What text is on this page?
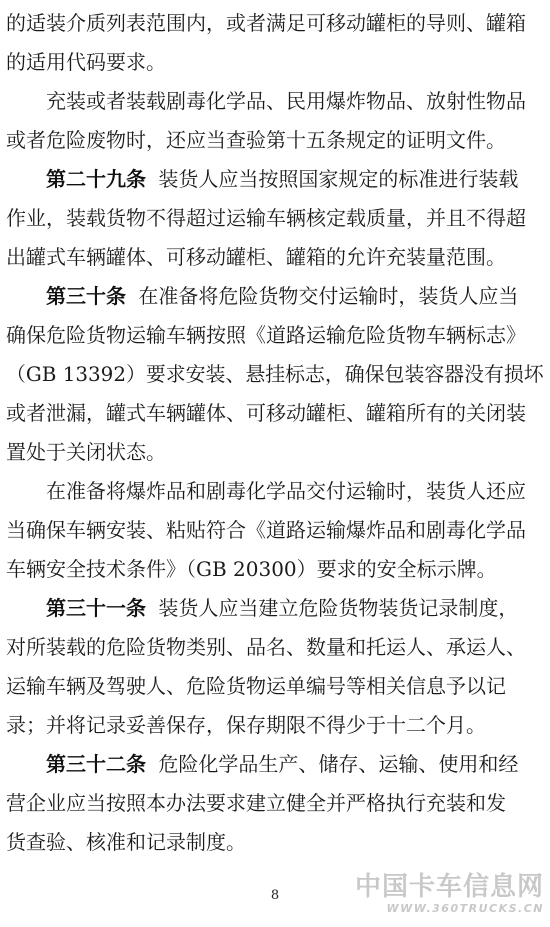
的适装介质列表范围内，或者满足可移动罐柜的导则、罐箱
的适用代码要求。
充装或者装载剧毒化学品、民用爆炸物品、放射性物品
或者危险废物时，还应当查验第十五条规定的证明文件。
第二十九条 装货人应当按照国家规定的标准进行装载
作业，装载货物不得超过运输车辆核定载质量，并且不得超
出罐式车辆罐体、可移动罐柜、罐箱的允许充装量范围。
第三十条 在准备将危险货物交付运输时，装货人应当
确保危险货物运输车辆按照《道路运输危险货物车辆标志》
（GB 13392）要求安装、悬挂标志，确保包装容器没有损坏
或者泄漏，罐式车辆罐体、可移动罐柜、罐箱所有的关闭装
置处于关闭状态。
在准备将爆炸品和剧毒化学品交付运输时，装货人还应
当确保车辆安装、粘贴符合《道路运输爆炸品和剧毒化学品
车辆安全技术条件》（GB 20300）要求的安全标示牌。
第三十一条 装货人应当建立危险货物装货记录制度，
对所装载的危险货物类别、品名、数量和托运人、承运人、
运输车辆及驾驶人、危险货物运单编号等相关信息予以记
录；并将记录妥善保存，保存期限不得少于十二个月。
第三十二条 危险化学品生产、储存、运输、使用和经
营企业应当按照本办法要求建立健全并严格执行充装和发
货查验、核准和记录制度。
8	中国卡车信息网
WWW.360TRUCKS.CN
